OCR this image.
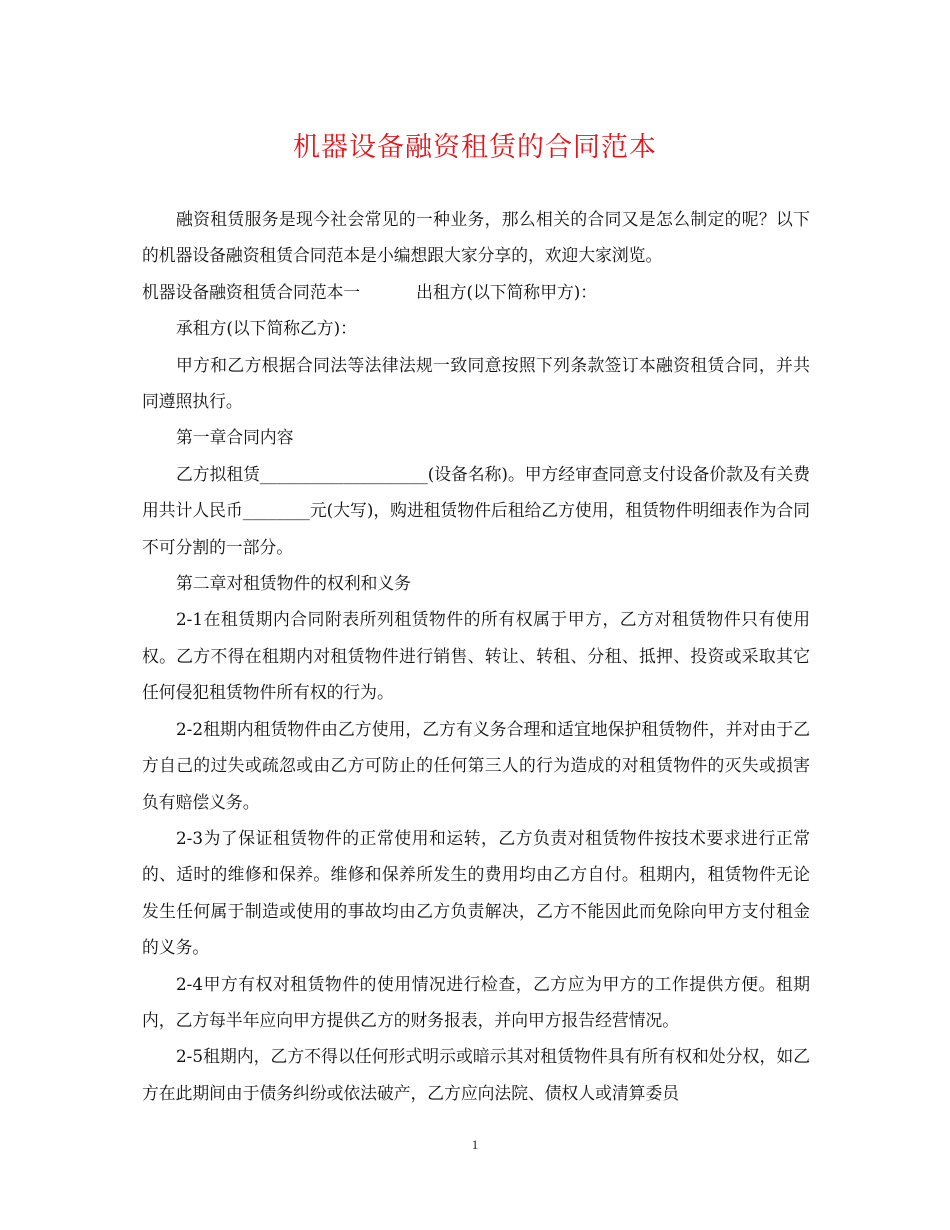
机器设备融资租赁的合同范本

融资租赁服务是现今社会常见的一种业务，那么相关的合同又是怎么制定的呢？以下的机器设备融资租赁合同范本是小编想跟大家分享的，欢迎大家浏览。

机器设备融资租赁合同范本一	出租方(以下简称甲方)：

承租方(以下简称乙方)：

甲方和乙方根据合同法等法律法规一致同意按照下列条款签订本融资租赁合同，并共同遵照执行。

第一章合同内容

乙方拟租赁____________________(设备名称)。甲方经审查同意支付设备价款及有关费用共计人民币________元(大写)，购进租赁物件后租给乙方使用，租赁物件明细表作为合同不可分割的一部分。

第二章对租赁物件的权利和义务

2-1在租赁期内合同附表所列租赁物件的所有权属于甲方，乙方对租赁物件只有使用权。乙方不得在租期内对租赁物件进行销售、转让、转租、分租、抵押、投资或采取其它任何侵犯租赁物件所有权的行为。

2-2租期内租赁物件由乙方使用，乙方有义务合理和适宜地保护租赁物件，并对由于乙方自己的过失或疏忽或由乙方可防止的任何第三人的行为造成的对租赁物件的灭失或损害负有赔偿义务。

2-3为了保证租赁物件的正常使用和运转，乙方负责对租赁物件按技术要求进行正常的、适时的维修和保养。维修和保养所发生的费用均由乙方自付。租期内，租赁物件无论发生任何属于制造或使用的事故均由乙方负责解决，乙方不能因此而免除向甲方支付租金的义务。

2-4甲方有权对租赁物件的使用情况进行检查，乙方应为甲方的工作提供方便。租期内，乙方每半年应向甲方提供乙方的财务报表，并向甲方报告经营情况。

2-5租期内，乙方不得以任何形式明示或暗示其对租赁物件具有所有权和处分权，如乙方在此期间由于债务纠纷或依法破产，乙方应向法院、债权人或清算委员

1
